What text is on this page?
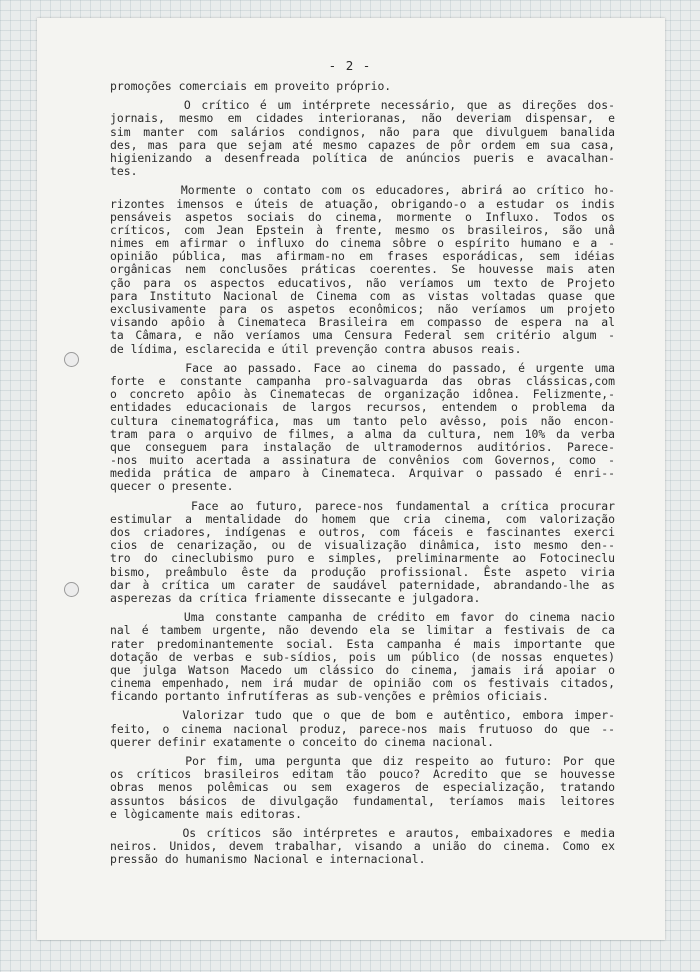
- 2 -
promoções comerciais em proveito próprio.
O crítico é um intérprete necessário, que as direções dos-
jornais, mesmo em cidades interioranas, não deveriam dispensar, e
sim manter com salários condignos, não para que divulguem banalida
des, mas para que sejam até mesmo capazes de pôr ordem em sua casa,
higienizando a desenfreada política de anúncios pueris e avacalhan-
tes.
Mormente o contato com os educadores, abrirá ao crítico ho-
rizontes imensos e úteis de atuação, obrigando-o a estudar os indis
pensáveis aspetos sociais do cinema, mormente o Influxo. Todos os
críticos, com Jean Epstein à frente, mesmo os brasileiros, são unâ
nimes em afirmar o influxo do cinema sôbre o espírito humano e a -
opinião pública, mas afirmam-no em frases esporádicas, sem idéias
orgânicas nem conclusões práticas coerentes. Se houvesse mais aten
ção para os aspectos educativos, não veríamos um texto de Projeto
para Instituto Nacional de Cinema com as vistas voltadas quase que
exclusivamente para os aspetos econômicos; não veríamos um projeto
visando apôio à Cinemateca Brasileira em compasso de espera na al
ta Câmara, e não veríamos uma Censura Federal sem critério algum -
de lídima, esclarecida e útil prevenção contra abusos reais.
Face ao passado. Face ao cinema do passado, é urgente uma
forte e constante campanha pro-salvaguarda das obras clássicas,com
o concreto apôio às Cinematecas de organização idônea. Felizmente,-
entidades educacionais de largos recursos, entendem o problema da
cultura cinematográfica, mas um tanto pelo avêsso, pois não encon-
tram para o arquivo de filmes, a alma da cultura, nem 10% da verba
que conseguem para instalação de ultramodernos auditórios. Parece-
-nos muito acertada a assinatura de convênios com Governos, como -
medida prática de amparo à Cinemateca. Arquivar o passado é enri--
quecer o presente.
Face ao futuro, parece-nos fundamental a crítica procurar
estimular a mentalidade do homem que cria cinema, com valorização
dos criadores, indígenas e outros, com fáceis e fascinantes exerci
cios de cenarização, ou de visualização dinâmica, isto mesmo den--
tro do cineclubismo puro e simples, preliminarmente ao Fotocineclu
bismo, preâmbulo êste da produção profissional. Êste aspeto viria
dar à crítica um carater de saudável paternidade, abrandando-lhe as
asperezas da crítica friamente dissecante e julgadora.
Uma constante campanha de crédito em favor do cinema nacio
nal é tambem urgente, não devendo ela se limitar a festivais de ca
rater predominantemente social. Esta campanha é mais importante que
dotação de verbas e sub-sídios, pois um público (de nossas enquetes)
que julga Watson Macedo um clássico do cinema, jamais irá apoiar o
cinema empenhado, nem irá mudar de opinião com os festivais citados,
ficando portanto infrutíferas as sub-venções e prêmios oficiais.
Valorizar tudo que o que de bom e autêntico, embora imper-
feito, o cinema nacional produz, parece-nos mais frutuoso do que --
querer definir exatamente o conceito do cinema nacional.
Por fim, uma pergunta que diz respeito ao futuro: Por que
os críticos brasileiros editam tão pouco? Acredito que se houvesse
obras menos polêmicas ou sem exageros de especialização, tratando
assuntos básicos de divulgação fundamental, teríamos mais leitores
e lògicamente mais editoras.
Os críticos são intérpretes e arautos, embaixadores e media
neiros. Unidos, devem trabalhar, visando a união do cinema. Como ex
pressão do humanismo Nacional e internacional.
